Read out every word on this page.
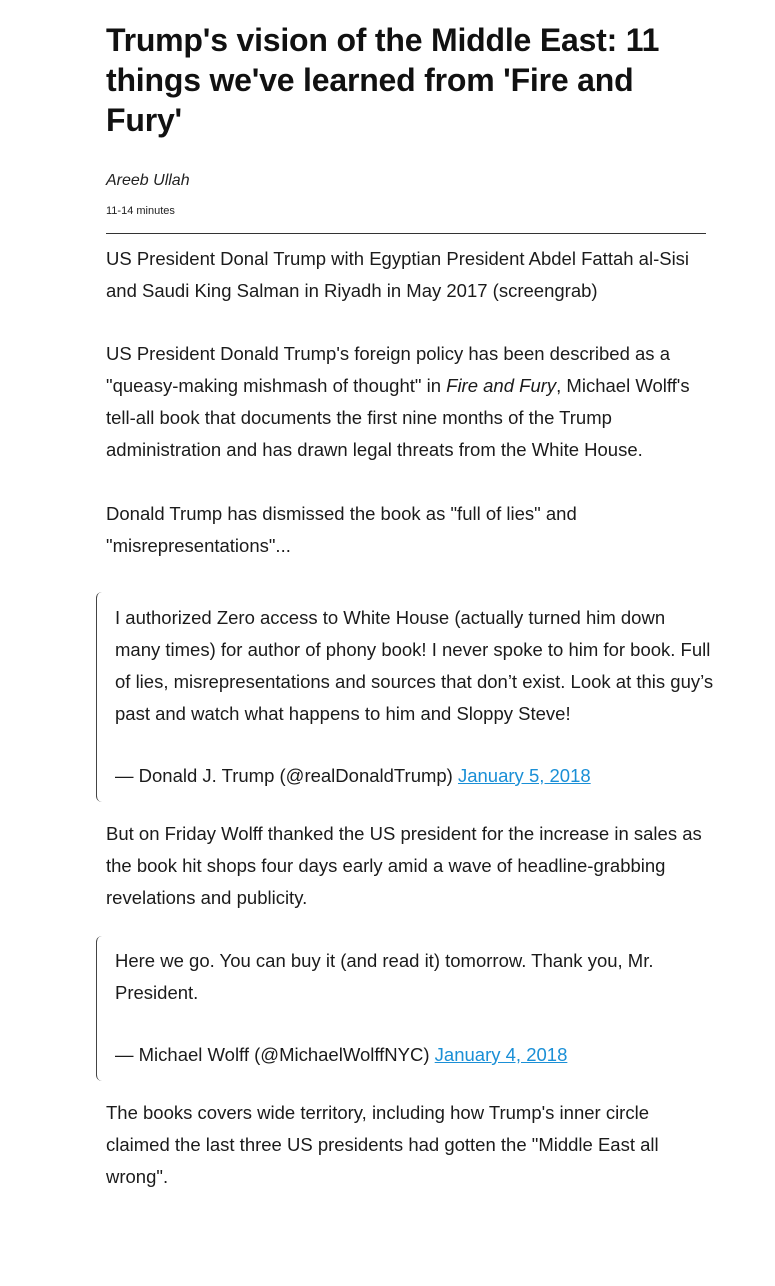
Trump's vision of the Middle East: 11 things we've learned from 'Fire and Fury'
Areeb Ullah
11-14 minutes

US President Donal Trump with Egyptian President Abdel Fattah al-Sisi and Saudi King Salman in Riyadh in May 2017 (screengrab)

US President Donald Trump's foreign policy has been described as a "queasy-making mishmash of thought" in Fire and Fury, Michael Wolff's tell-all book that documents the first nine months of the Trump administration and has drawn legal threats from the White House.

Donald Trump has dismissed the book as "full of lies" and "misrepresentations"...

I authorized Zero access to White House (actually turned him down many times) for author of phony book! I never spoke to him for book. Full of lies, misrepresentations and sources that don’t exist. Look at this guy’s past and watch what happens to him and Sloppy Steve!

— Donald J. Trump (@realDonaldTrump) January 5, 2018

But on Friday Wolff thanked the US president for the increase in sales as the book hit shops four days early amid a wave of headline-grabbing revelations and publicity.

Here we go. You can buy it (and read it) tomorrow. Thank you, Mr. President.

— Michael Wolff (@MichaelWolffNYC) January 4, 2018

The books covers wide territory, including how Trump's inner circle claimed the last three US presidents had gotten the "Middle East all wrong".
